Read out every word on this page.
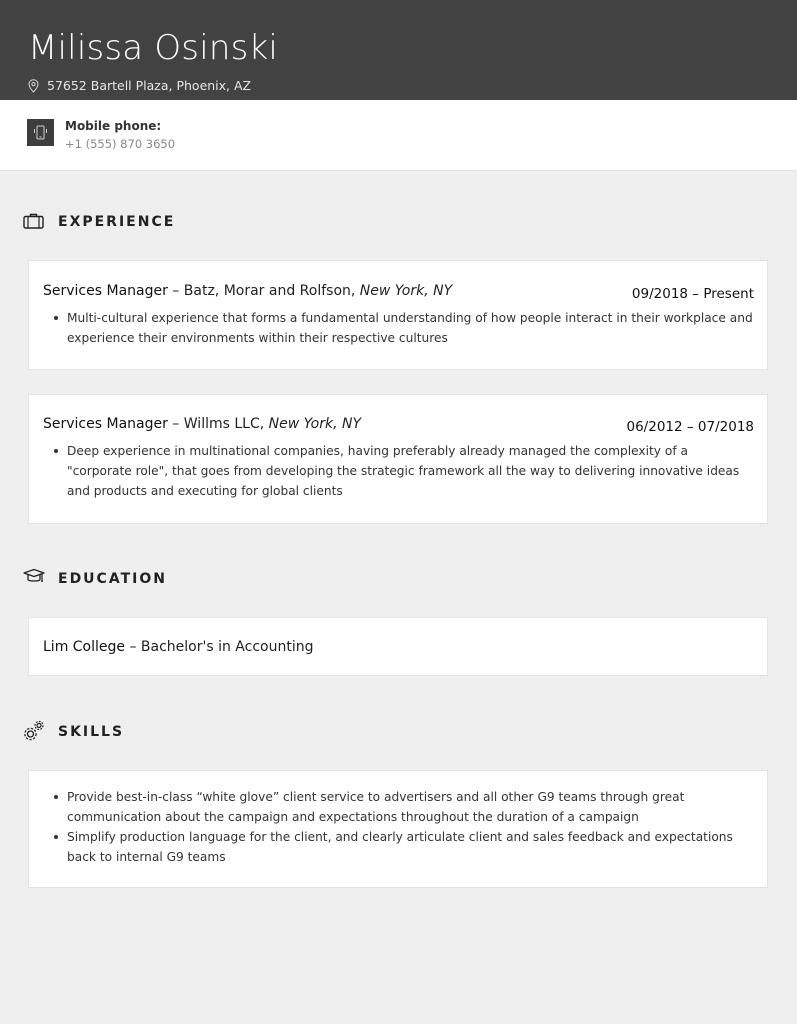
Milissa Osinski
57652 Bartell Plaza, Phoenix, AZ
Mobile phone:
+1 (555) 870 3650
EXPERIENCE
Services Manager – Batz, Morar and Rolfson, New York, NY	09/2018 – Present
Multi-cultural experience that forms a fundamental understanding of how people interact in their workplace and experience their environments within their respective cultures
Services Manager – Willms LLC, New York, NY	06/2012 – 07/2018
Deep experience in multinational companies, having preferably already managed the complexity of a "corporate role", that goes from developing the strategic framework all the way to delivering innovative ideas and products and executing for global clients
EDUCATION
Lim College – Bachelor's in Accounting
SKILLS
Provide best-in-class “white glove” client service to advertisers and all other G9 teams through great communication about the campaign and expectations throughout the duration of a campaign
Simplify production language for the client, and clearly articulate client and sales feedback and expectations back to internal G9 teams
